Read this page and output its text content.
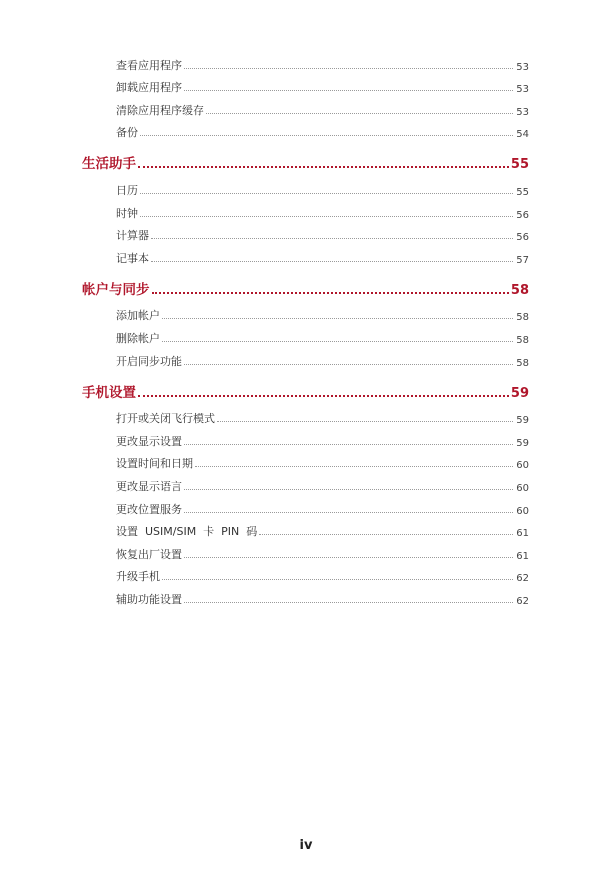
查看应用程序	53
卸载应用程序	53
清除应用程序缓存	53
备份	54
生活助手	55
日历	55
时钟	56
计算器	56
记事本	57
帐户与同步	58
添加帐户	58
删除帐户	58
开启同步功能	58
手机设置	59
打开或关闭飞行模式	59
更改显示设置	59
设置时间和日期	60
更改显示语言	60
更改位置服务	60
设置  USIM/SIM  卡  PIN  码	61
恢复出厂设置	61
升级手机	62
辅助功能设置	62
iv
